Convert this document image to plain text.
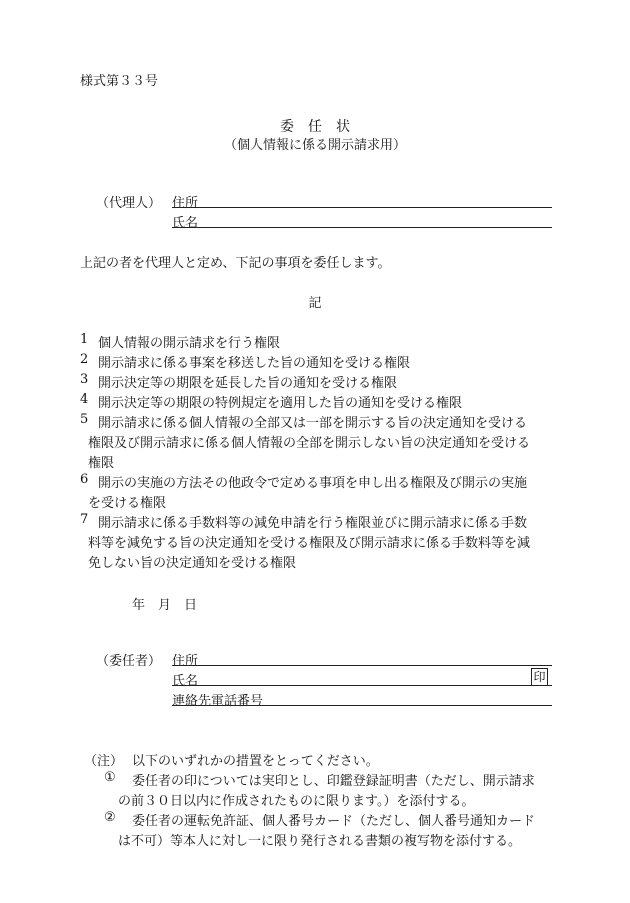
様式第３３号
委　任　状
（個人情報に係る開示請求用）
（代理人） 住所
氏名
上記の者を代理人と定め、下記の事項を委任します。
記
1 個人情報の開示請求を行う権限
2 開示請求に係る事案を移送した旨の通知を受ける権限
3 開示決定等の期限を延長した旨の通知を受ける権限
4 開示決定等の期限の特例規定を適用した旨の通知を受ける権限
5 開示請求に係る個人情報の全部又は一部を開示する旨の決定通知を受ける
権限及び開示請求に係る個人情報の全部を開示しない旨の決定通知を受ける
権限
6 開示の実施の方法その他政令で定める事項を申し出る権限及び開示の実施
を受ける権限
7 開示請求に係る手数料等の減免申請を行う権限並びに開示請求に係る手数
料等を減免する旨の決定通知を受ける権限及び開示請求に係る手数料等を減
免しない旨の決定通知を受ける権限
年　月　日
（委任者） 住所
氏名	印
連絡先電話番号
（注） 以下のいずれかの措置をとってください。
① 委任者の印については実印とし、印鑑登録証明書（ただし、開示請求
の前３０日以内に作成されたものに限ります。）を添付する。
② 委任者の運転免許証、個人番号カード（ただし、個人番号通知カード
は不可）等本人に対し一に限り発行される書類の複写物を添付する。
